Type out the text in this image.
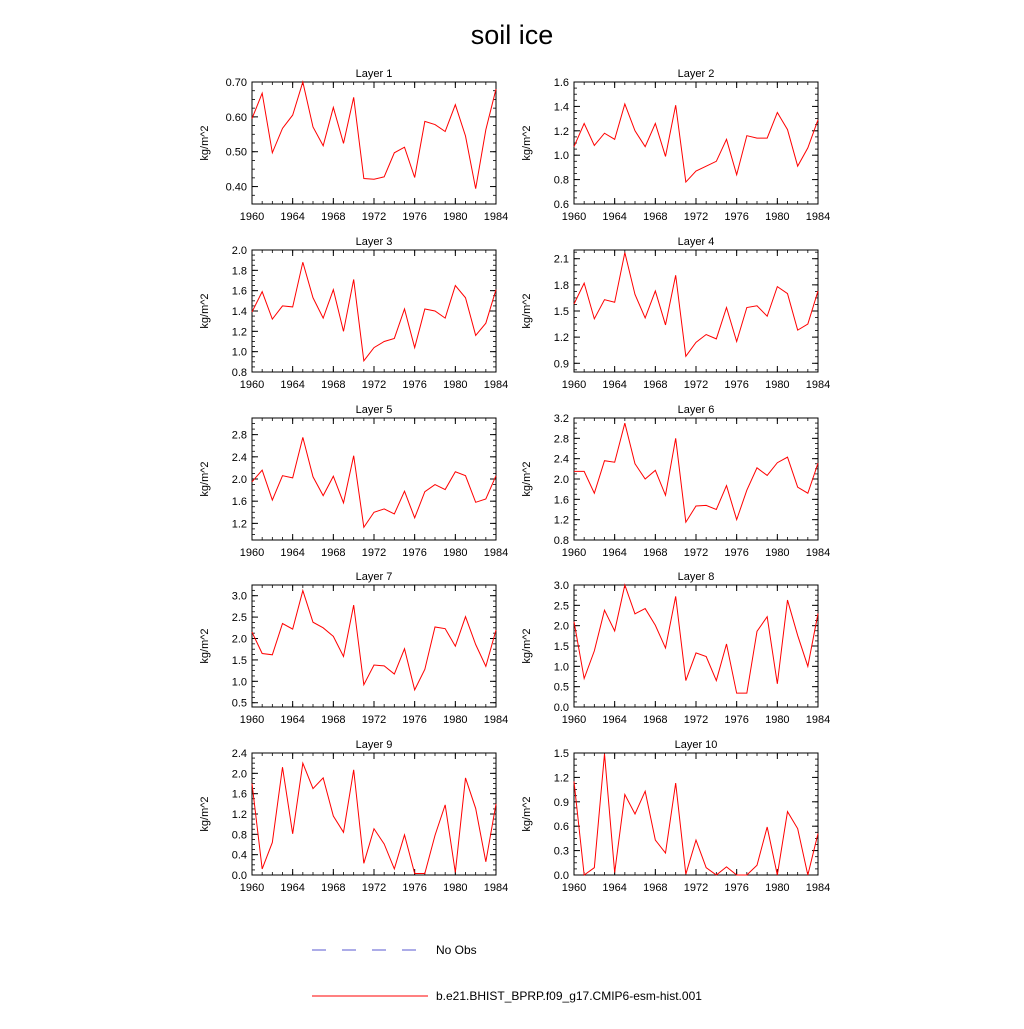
soil ice
Layer 1
1960 1964 1968 1972 1976 1980 1984
0.40
0.50
0.60
0.70
kg/m^2
Layer 2
1960 1964 1968 1972 1976 1980 1984
0.6
0.8
1.0
1.2
1.4
1.6
kg/m^2
Layer 3
1960 1964 1968 1972 1976 1980 1984
0.8
1.0
1.2
1.4
1.6
1.8
2.0
kg/m^2
Layer 4
1960 1964 1968 1972 1976 1980 1984
0.9
1.2
1.5
1.8
2.1
kg/m^2
Layer 5
1960 1964 1968 1972 1976 1980 1984
1.2
1.6
2.0
2.4
2.8
kg/m^2
Layer 6
1960 1964 1968 1972 1976 1980 1984
0.8
1.2
1.6
2.0
2.4
2.8
3.2
kg/m^2
Layer 7
1960 1964 1968 1972 1976 1980 1984
0.5
1.0
1.5
2.0
2.5
3.0
kg/m^2
Layer 8
1960 1964 1968 1972 1976 1980 1984
0.0
0.5
1.0
1.5
2.0
2.5
3.0
kg/m^2
Layer 9
1960 1964 1968 1972 1976 1980 1984
0.0
0.4
0.8
1.2
1.6
2.0
2.4
kg/m^2
Layer 10
1960 1964 1968 1972 1976 1980 1984
0.0
0.3
0.6
0.9
1.2
1.5
kg/m^2
No Obs
b.e21.BHIST_BPRP.f09_g17.CMIP6-esm-hist.001
